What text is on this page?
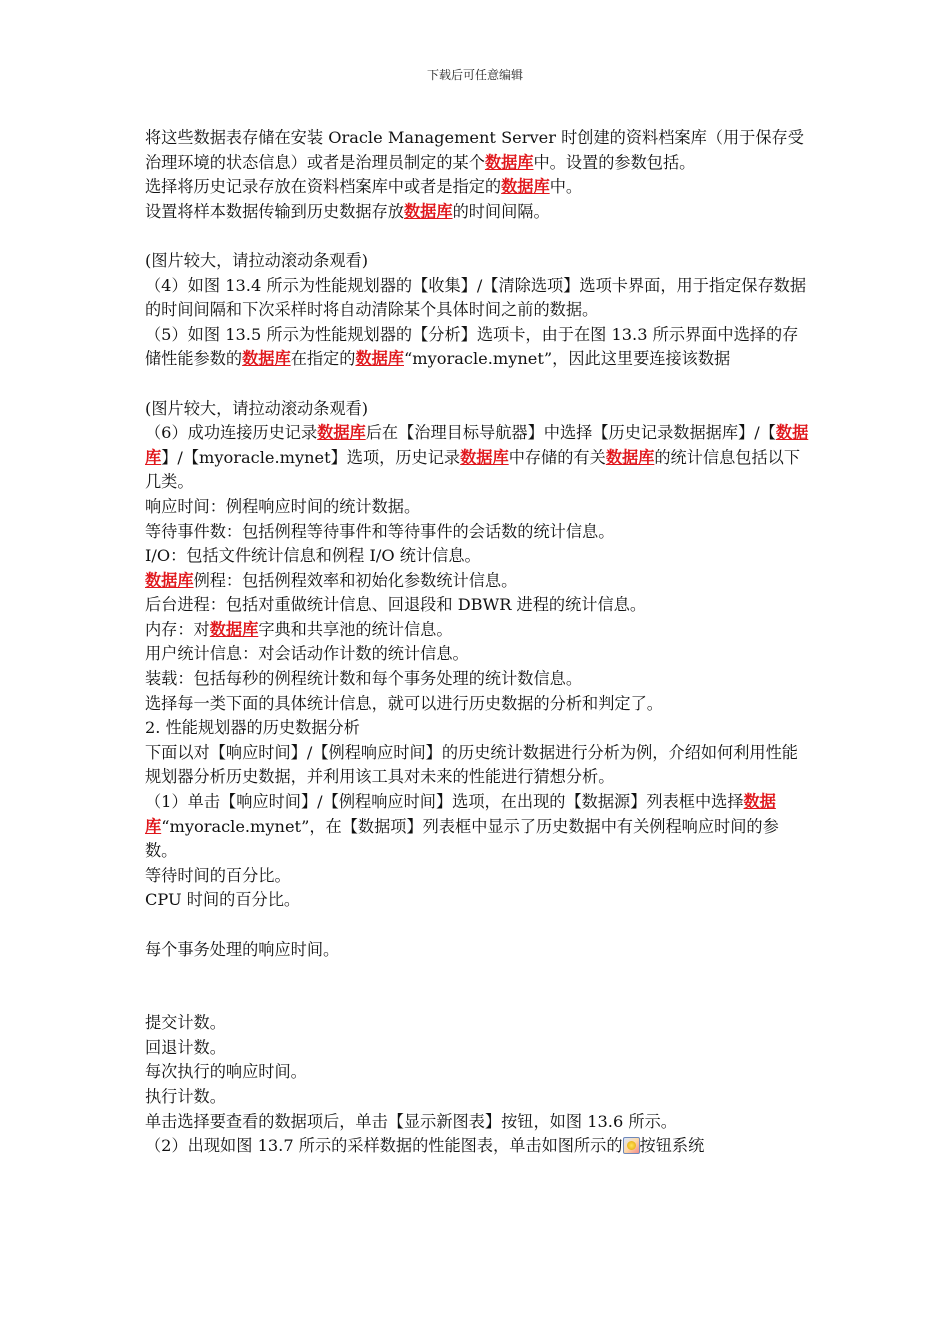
下载后可任意编辑

将这些数据表存储在安装 Oracle Management Server 时创建的资料档案库（用于保存受治理环境的状态信息）或者是治理员制定的某个数据库中。设置的参数包括。

选择将历史记录存放在资料档案库中或者是指定的数据库中。

设置将样本数据传输到历史数据存放数据库的时间间隔。

(图片较大，请拉动滚动条观看)

（4）如图 13.4 所示为性能规划器的【收集】/【清除选项】选项卡界面，用于指定保存数据的时间间隔和下次采样时将自动清除某个具体时间之前的数据。

（5）如图 13.5 所示为性能规划器的【分析】选项卡，由于在图 13.3 所示界面中选择的存储性能参数的数据库在指定的数据库“myoracle.mynet”，因此这里要连接该数据

(图片较大，请拉动滚动条观看)

（6）成功连接历史记录数据库后在【治理目标导航器】中选择【历史记录数据据库】/【数据库】/【myoracle.mynet】选项，历史记录数据库中存储的有关数据库的统计信息包括以下几类。

响应时间：例程响应时间的统计数据。

等待事件数：包括例程等待事件和等待事件的会话数的统计信息。

I/O：包括文件统计信息和例程 I/O 统计信息。

数据库例程：包括例程效率和初始化参数统计信息。

后台进程：包括对重做统计信息、回退段和 DBWR 进程的统计信息。

内存：对数据库字典和共享池的统计信息。

用户统计信息：对会话动作计数的统计信息。

装载：包括每秒的例程统计数和每个事务处理的统计数信息。

选择每一类下面的具体统计信息，就可以进行历史数据的分析和判定了。

2. 性能规划器的历史数据分析

下面以对【响应时间】/【例程响应时间】的历史统计数据进行分析为例，介绍如何利用性能规划器分析历史数据，并利用该工具对未来的性能进行猜想分析。

（1）单击【响应时间】/【例程响应时间】选项，在出现的【数据源】列表框中选择数据库“myoracle.mynet”，在【数据项】列表框中显示了历史数据中有关例程响应时间的参数。

等待时间的百分比。

CPU 时间的百分比。

每个事务处理的响应时间。

提交计数。

回退计数。

每次执行的响应时间。

执行计数。

单击选择要查看的数据项后，单击【显示新图表】按钮，如图 13.6 所示。

（2）出现如图 13.7 所示的采样数据的性能图表，单击如图所示的 按钮系统
